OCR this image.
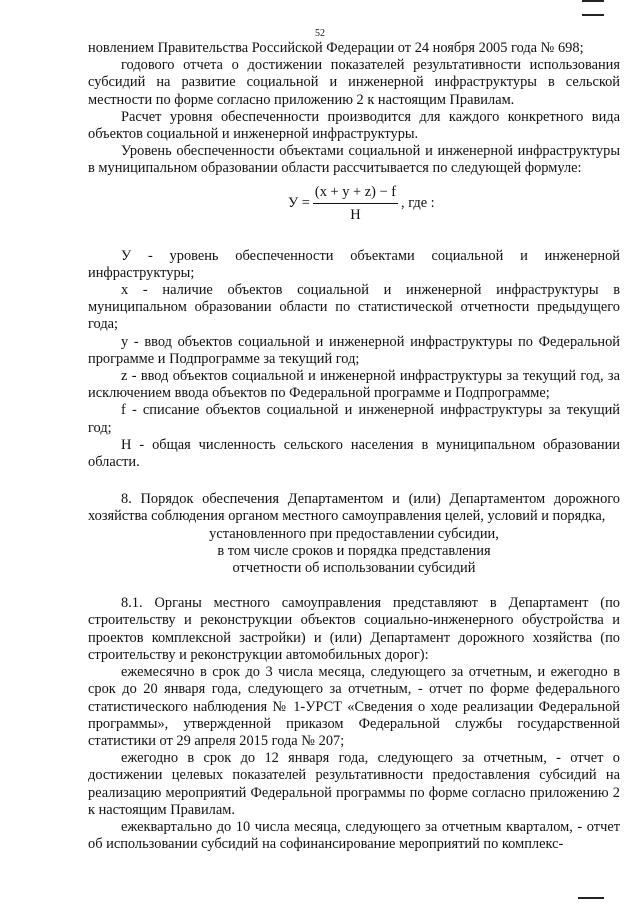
52

новлением Правительства Российской Федерации от 24 ноября 2005 года № 698;

годового отчета о достижении показателей результативности использования субсидий на развитие социальной и инженерной инфраструктуры в сельской местности по форме согласно приложению 2 к настоящим Правилам.

Расчет уровня обеспеченности производится для каждого конкретного вида объектов социальной и инженерной инфраструктуры.

Уровень обеспеченности объектами социальной и инженерной инфраструктуры в муниципальном образовании области рассчитывается по следующей формуле:

$У = \frac{(x + y + z) - f}{H}$ , где :

У - уровень обеспеченности объектами социальной и инженерной инфраструктуры;

x - наличие объектов социальной и инженерной инфраструктуры в муниципальном образовании области по статистической отчетности предыдущего года;

y - ввод объектов социальной и инженерной инфраструктуры по Федеральной программе и Подпрограмме за текущий год;

z - ввод объектов социальной и инженерной инфраструктуры за текущий год, за исключением ввода объектов по Федеральной программе и Подпрограмме;

f - списание объектов социальной и инженерной инфраструктуры за текущий год;

Н - общая численность сельского населения в муниципальном образовании области.

8. Порядок обеспечения Департаментом и (или) Департаментом дорожного хозяйства соблюдения органом местного самоуправления целей, условий и порядка,

установленного при предоставлении субсидии,

в том числе сроков и порядка представления

отчетности об использовании субсидий

8.1. Органы местного самоуправления представляют в Департамент (по строительству и реконструкции объектов социально-инженерного обустройства и проектов комплексной застройки) и (или) Департамент дорожного хозяйства (по строительству и реконструкции автомобильных дорог):

ежемесячно в срок до 3 числа месяца, следующего за отчетным, и ежегодно в срок до 20 января года, следующего за отчетным, - отчет по форме федерального статистического наблюдения № 1-УРСТ «Сведения о ходе реализации Федеральной программы», утвержденной приказом Федеральной службы государственной статистики от 29 апреля 2015 года № 207;

ежегодно в срок до 12 января года, следующего за отчетным, - отчет о достижении целевых показателей результативности предоставления субсидий на реализацию мероприятий Федеральной программы по форме согласно приложению 2 к настоящим Правилам.

ежеквартально до 10 числа месяца, следующего за отчетным кварталом, - отчет об использовании субсидий на софинансирование мероприятий по комплекс-
